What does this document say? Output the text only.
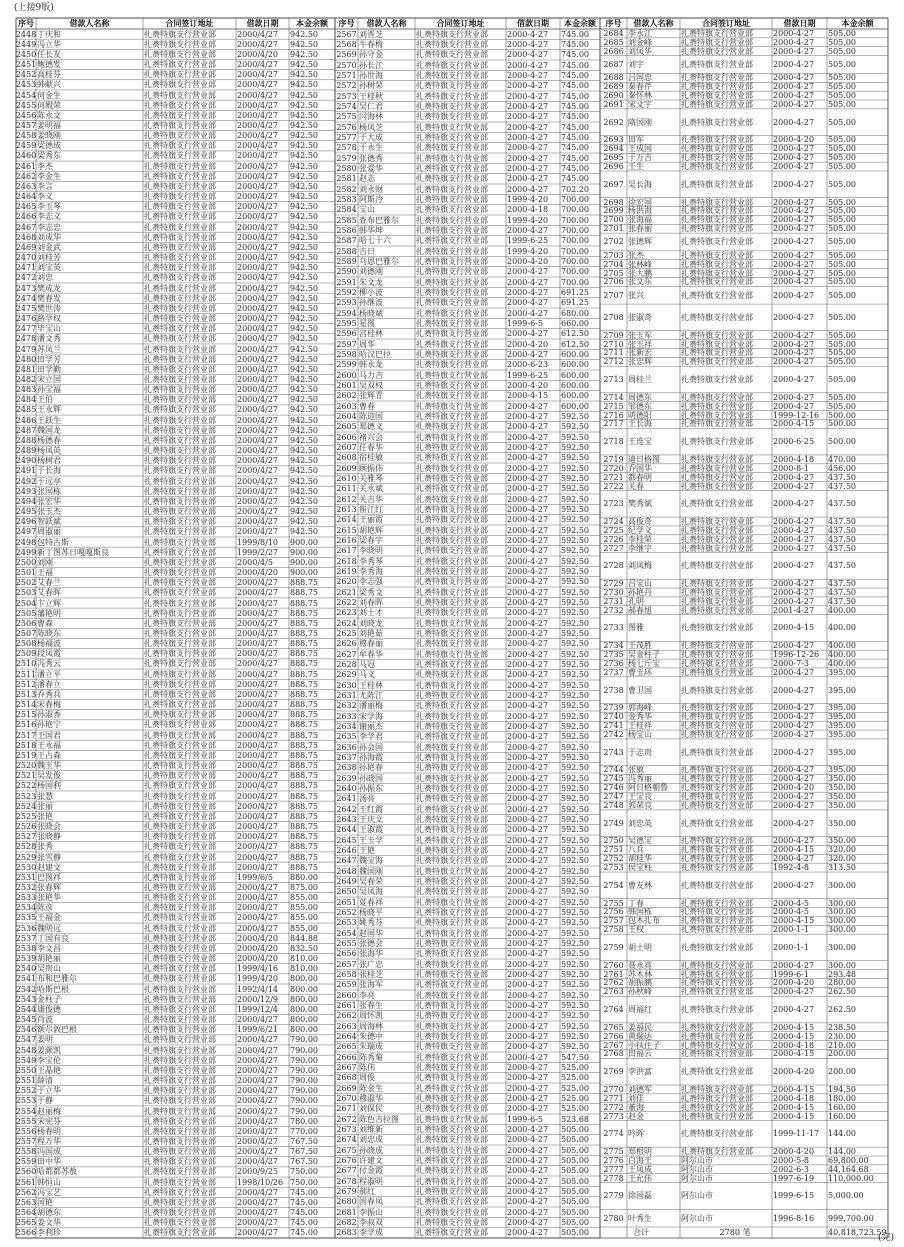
(上接9版)
序号	借款人名称	合同签订地址	借款日期	本金余额
2448 丁庆和	扎赉特旗支行营业部	2000/4/27	942.50
2449 冯立华	扎赉特旗支行营业部	2000/4/27	942.50
2450 任长友	扎赉特旗支行营业部	2000/4/20	942.50
2451 鲍德发	扎赉特旗支行营业部	2000/4/27	942.50
2452 高桂芬	扎赉特旗支行营业部	2000/4/27	942.50
2453 韩献兴	扎赉特旗支行营业部	2000/4/27	942.50
2454 何金生	扎赉特旗支行营业部	2000/4/27	942.50
2455 何殿荣	扎赉特旗支行营业部	2000/4/27	942.50
2456 陈永文	扎赉特旗支行营业部	2000/4/27	942.50
2457 姜明福	扎赉特旗支行营业部	2000/4/27	942.50
2458 姜晓刚	扎赉特旗支行营业部	2000/4/27	942.50
2459 梁德成	扎赉特旗支行营业部	2000/4/27	942.50
2460 梁秀东	扎赉特旗支行营业部	2000/4/27	942.50
2461 李杰	扎赉特旗支行营业部	2000/4/27	942.50
2462 李金生	扎赉特旗支行营业部	2000/4/27	942.50
2463 李言	扎赉特旗支行营业部	2000/4/27	942.50
2464 李义	扎赉特旗支行营业部	2000/4/27	942.50
2465 李玉琴	扎赉特旗支行营业部	2000/4/27	942.50
2466 李志义	扎赉特旗支行营业部	2000/4/27	942.50
2467 李志忠	扎赉特旗支行营业部	2000/4/27	942.50
2468 刘成华	扎赉特旗支行营业部	2000/4/27	942.50
2469 刘金武	扎赉特旗支行营业部	2000/4/27	942.50
2470 刘桂芳	扎赉特旗支行营业部	2000/4/27	942.50
2471 刘宝英	扎赉特旗支行营业部	2000/4/27	942.50
2472 刘忠	扎赉特旗支行营业部	2000/4/27	942.50
2473 樊成龙	扎赉特旗支行营业部	2000/4/27	942.50
2474 樊春发	扎赉特旗支行营业部	2000/4/27	942.50
2475 樊世涛	扎赉特旗支行营业部	2000/4/27	942.50
2476 路学权	扎赉特旗支行营业部	2000/4/27	942.50
2477 毕宝山	扎赉特旗支行营业部	2000/4/27	942.50
2478 潘文秀	扎赉特旗支行营业部	2000/4/27	942.50
2479 苏凤兰	扎赉特旗支行营业部	2000/4/27	942.50
2480 田学芳	扎赉特旗支行营业部	2000/4/27	942.50
2481 田学勤	扎赉特旗支行营业部	2000/4/27	942.50
2482 宋立国	扎赉特旗支行营业部	2000/4/27	942.50
2483 孙宝福	扎赉特旗支行营业部	2000/4/27	942.50
2484 王伯	扎赉特旗支行营业部	2000/4/27	942.50
2485 王永辉	扎赉特旗支行营业部	2000/4/27	942.50
2486 王跃生	扎赉特旗支行营业部	2000/4/27	942.50
2487 魏国龙	扎赉特旗支行营业部	2000/4/27	942.50
2488 杨德春	扎赉特旗支行营业部	2000/4/27	942.50
2489 杨凤英	扎赉特旗支行营业部	2000/4/27	942.50
2490 杨树君	扎赉特旗支行营业部	2000/4/27	942.50
2491 于长海	扎赉特旗支行营业部	2000/4/27	942.50
2492 于远亭	扎赉特旗支行营业部	2000/4/27	942.50
2493 张国栋	扎赉特旗支行营业部	2000/4/27	942.50
2494 张宏华	扎赉特旗支行营业部	2000/4/27	942.50
2495 张玉杰	扎赉特旗支行营业部	2000/4/27	942.50
2496 智跃斌	扎赉特旗支行营业部	2000/4/27	942.50
2497 周淑丽	扎赉特旗支行营业部	2000/4/27	942.50
2498 包特古斯	扎赉特旗支行营业部	1999/8/10	900.00
2499 新丁图苏日嘎嘎斯良	扎赉特旗支行营业部	1999/2/27	900.00
2500 刘刚	扎赉特旗支行营业部	2000/4/5	900.00
2501 王福	扎赉特旗支行营业部	2000/4/20	900.00
2502 艾春兰	扎赉特旗支行营业部	2000/4/27	888.75
2503 艾春晖	扎赉特旗支行营业部	2000/4/27	888.75
2504 卞立辉	扎赉特旗支行营业部	2000/4/27	888.75
2505 藩艳明	扎赉特旗支行营业部	2000/4/27	888.75
2506 曹森	扎赉特旗支行营业部	2000/4/27	888.75
2507 陈晓东	扎赉特旗支行营业部	2000/4/27	888.75
2508 杨福波	扎赉特旗支行营业部	2000/4/27	888.75
2509 段凤霞	扎赉特旗支行营业部	2000/4/27	888.75
2510 冯秀云	扎赉特旗支行营业部	2000/4/27	888.75
2511 潘立平	扎赉特旗支行营业部	2000/4/27	888.75
2512 潘春立	扎赉特旗支行营业部	2000/4/27	888.75
2513 乔秀兵	扎赉特旗支行营业部	2000/4/27	888.75
2514 宋春梅	扎赉特旗支行营业部	2000/4/27	888.75
2515 孙淑香	扎赉特旗支行营业部	2000/4/27	888.75
2516 孙艳宁	扎赉特旗支行营业部	2000/4/27	888.75
2517 王国君	扎赉特旗支行营业部	2000/4/27	888.75
2518 王永福	扎赉特旗支行营业部	2000/4/27	888.75
2519 王占森	扎赉特旗支行营业部	2000/4/27	888.75
2520 魏玉华	扎赉特旗支行营业部	2000/4/27	888.75
2521 吴发俊	扎赉特旗支行营业部	2000/4/27	888.75
2522 杨国利	扎赉特旗支行营业部	2000/4/27	888.75
2523 张慧	扎赉特旗支行营业部	2000/4/27	888.75
2524 张丽	扎赉特旗支行营业部	2000/4/27	888.75
2525 张艳	扎赉特旗支行营业部	2000/4/27	888.75
2526 张晓会	扎赉特旗支行营业部	2000/4/27	888.75
2527 张晓静	扎赉特旗支行营业部	2000/4/27	888.75
2528 张秀	扎赉特旗支行营业部	2000/4/27	888.75
2529 张雪静	扎赉特旗支行营业部	2000/4/27	888.75
2530 赵建文	扎赉特旗支行营业部	2000/4/27	888.75
2531 巴图祥	扎赉特旗支行营业部	1999/6/5	880.00
2532 张春辉	扎赉特旗支行营业部	2000/4/27	875.00
2533 张艳华	扎赉特旗支行营业部	2000/4/27	855.00
2534 陈彦	扎赉特旗支行营业部	2000/4/27	855.00
2535 王福金	扎赉特旗支行营业部	2000/4/27	855.00
2536 魏明远	扎赉特旗支行营业部	2000/4/27	855.00
2537 丁国有良	扎赉特旗支行营业部	2000/4/20	844.88
2538 李文昌	扎赉特旗支行营业部	2000/4/20	832.50
2539 胡艳丽	扎赉特旗支行营业部	2000/4/20	810.00
2540 吴贵山	扎赉特旗支行营业部	1999/4/16	810.00
2541 布和巴雅尔	扎赉特旗支行营业部	1999/4/20	800.00
2542 哈斯巴根	扎赉特旗支行营业部	1992/4/14	800.00
2543 金柱子	扎赉特旗支行营业部	2000/12/9	800.00
2544 康俊德	扎赉特旗支行营业部	1999/12/4	800.00
2545 肖波	扎赉特旗支行营业部	2000/4/27	800.00
2546 额尔敦巴根	扎赉特旗支行营业部	1999/6/21	800.00
2547 姜明	扎赉特旗支行营业部	2000/4/27	790.00
2548 姜颜凯	扎赉特旗支行营业部	2000/4/27	790.00
2549 李宝伦	扎赉特旗支行营业部	2000/4/27	790.00
2550 王晶艳	扎赉特旗支行营业部	2000/4/27	790.00
2551 薛清	扎赉特旗支行营业部	2000/4/27	790.00
2552 于立华	扎赉特旗支行营业部	2000/4/27	790.00
2553 于静	扎赉特旗支行营业部	2000/4/27	790.00
2554 赵丽梅	扎赉特旗支行营业部	2000/4/27	790.00
2555 宋宪芬	扎赉特旗支行营业部	2000/4/27	780.00
2556 杨春明	扎赉特旗支行营业部	2000/4/27	770.00
2557 程万华	扎赉特旗支行营业部	2000/4/27	767.50
2558 冯国成	扎赉特旗支行营业部	2000/4/27	767.50
2559 田中华	扎赉特旗支行营业部	2000/4/27	767.50
2560 哈都都苏敖	扎赉特旗支行营业部	2000/9/25	750.00
2561 韩恒山	扎赉特旗支行营业部	1998/10/26 750.00
2562 冯宝艺	扎赉特旗支行营业部	2000/4/27	745.00
2563 国艳	扎赉特旗支行营业部	2000/4/27	745.00
2564 胡德东	扎赉特旗支行营业部	2000/4/27	745.00
2565 姜文华	扎赉特旗支行营业部	2000/4/27	745.00
2566 李利珍	扎赉特旗支行营业部	2000/4/27	745.00
序号	借款人名称	合同签订地址	借款日期	本金余额
2567 刘晋芝	扎赉特旗支行营业部	2000-4-27	745.00
2568 牛春梅	扎赉特旗支行营业部	2000-4-27	745.00
2569 孙守金	扎赉特旗支行营业部	2000-4-27	745.00
2570 孙长江	扎赉特旗支行营业部	2000-4-27	745.00
2571 孙世海	扎赉特旗支行营业部	2000-4-27	745.00
2572 孙树荣	扎赉特旗支行营业部	2000-4-27	745.00
2573 王桂秋	扎赉特旗支行营业部	2000-4-27	745.00
2574 吴仁君	扎赉特旗支行营业部	2000-4-27	745.00
2575 闫海林	扎赉特旗支行营业部	2000-4-27	745.00
2576 杨凤芝	扎赉特旗支行营业部	2000-4-27	745.00
2577 于大成	扎赉特旗支行营业部	2000-4-27	745.00
2578 于永生	扎赉特旗支行营业部	2000-4-27	745.00
2579 张德秀	扎赉特旗支行营业部	2000-4-27	745.00
2580 张爱华	扎赉特旗支行营业部	2000-4-27	745.00
2581 赵志	扎赉特旗支行营业部	2000-4-27	745.00
2582 刘永财	扎赉特旗支行营业部	2000-4-27	702.20
2583 阿斯冷	扎赉特旗支行营业部	1999-4-20	700.00
2584 宝山	扎赉特旗支行营业部	2000-4-18	700.00
2585 查布巴雅尔	扎赉特旗支行营业部	1999-4-20	700.00
2586 韩华坤	扎赉特旗支行营业部	2000-4-27	700.00
2587 哈七十六	扎赉特旗支行营业部	1999-6-25	700.00
2588 吉日	扎赉特旗支行营业部	1999-4-20	700.00
2589 乌恩巴雅尔	扎赉特旗支行营业部	2000-4-20	700.00
2590 刘德刚	扎赉特旗支行营业部	2000-4-27	700.00
2591 朱文龙	扎赉特旗支行营业部	2000-4-27	700.00
2592 柳小波	扎赉特旗支行营业部	2000-4-27	691.25
2593 孙继波	扎赉特旗支行营业部	2000-4-27	691.25
2594 杨晓斌	扎赉特旗支行营业部	2000-4-27	680.00
2595 星图	扎赉特旗支行营业部	1999-6-5	660.00
2596 宫桂林	扎赉特旗支行营业部	2000-4-27	612.50
2597 周华	扎赉特旗支行营业部	2000-4-20	612.50
2598 哈汉巴拉	扎赉特旗支行营业部	2000-4-27	600.00
2599 韩永龙	扎赉特旗支行营业部	2000-6-23	600.00
2600 马力吉	扎赉特旗支行营业部	1999-6-25	600.00
2601 吴双权	扎赉特旗支行营业部	2000-4-20	600.00
2602 张辉青	扎赉特旗支行营业部	2000-4-15	600.00
2603 曹春	扎赉特旗支行营业部	2000-4-27	600.00
2604 陈迎国	扎赉特旗支行营业部	2000-4-27	592.50
2605 郑德义	扎赉特旗支行营业部	2000-4-27	592.50
2606 褚兴会	扎赉特旗支行营业部	2000-4-27	592.50
2607 任春华	扎赉特旗支行营业部	2000-4-27	592.50
2608 宿桂敏	扎赉特旗支行营业部	2000-4-27	592.50
2609 顾振伟	扎赉特旗支行营业部	2000-4-27	592.50
2610 关雅琴	扎赉特旗支行营业部	2000-4-27	592.50
2611 关永斌	扎赉特旗支行营业部	2000-4-27	592.50
2612 关吉华	扎赉特旗支行营业部	2000-4-27	592.50
2613 崔江红	扎赉特旗支行营业部	2000-4-27	592.50
2614 王丽霞	扎赉特旗支行营业部	2000-4-27	592.50
2615 胡艳辉	扎赉特旗支行营业部	2000-4-27	592.50
2616 梁春宇	扎赉特旗支行营业部	2000-4-27	592.50
2617 李晓明	扎赉特旗支行营业部	2000-4-27	592.50
2618 李秀琴	扎赉特旗支行营业部	2000-4-27	592.50
2619 李秀海	扎赉特旗支行营业部	2000-4-27	592.50
2620 李志强	扎赉特旗支行营业部	2000-4-27	592.50
2621 梁秀文	扎赉特旗支行营业部	2000-4-27	592.50
2622 刘春晖	扎赉特旗支行营业部	2000-4-27	592.50
2623 刘士才	扎赉特旗支行营业部	2000-4-27	592.50
2624 刘晓龙	扎赉特旗支行营业部	2000-4-27	592.50
2625 刘艳茹	扎赉特旗支行营业部	2000-4-27	592.50
2626 穆春丽	扎赉特旗支行营业部	2000-4-27	592.50
2627 牟春华	扎赉特旗支行营业部	2000-4-27	592.50
2628 马冠	扎赉特旗支行营业部	2000-4-27	592.50
2629 马义	扎赉特旗支行营业部	2000-4-27	592.50
2630 王桂林	扎赉特旗支行营业部	2000-4-27	592.50
2631 尤陈江	扎赉特旗支行营业部	2000-4-27	592.50
2632 潘丽梅	扎赉特旗支行营业部	2000-4-27	592.50
2633 宋学海	扎赉特旗支行营业部	2000-4-27	592.50
2634 谢丽杰	扎赉特旗支行营业部	2000-4-27	592.50
2635 李学君	扎赉特旗支行营业部	2000-4-27	592.50
2636 孙会国	扎赉特旗支行营业部	2000-4-27	592.50
2637 孙海霞	扎赉特旗支行营业部	2000-4-27	592.50
2638 孙艳春	扎赉特旗支行营业部	2000-4-27	592.50
2639 孙晓国	扎赉特旗支行营业部	2000-4-27	592.50
2640 孙振东	扎赉特旗支行营业部	2000-4-27	592.50
2641 汤亮	扎赉特旗支行营业部	2000-4-27	592.50
2642 王红霞	扎赉特旗支行营业部	2000-4-27	592.50
2643 王庆文	扎赉特旗支行营业部	2000-4-27	592.50
2644 王淑霞	扎赉特旗支行营业部	2000-4-27	592.50
2645 王玉学	扎赉特旗支行营业部	2000-4-27	592.50
2646 王艳	扎赉特旗支行营业部	2000-4-27	592.50
2647 魏宝海	扎赉特旗支行营业部	2000-4-27	592.50
2648 魏国刚	扎赉特旗支行营业部	2000-4-27	592.50
2649 吴春荣	扎赉特旗支行营业部	2000-4-27	592.50
2650 吴凤海	扎赉特旗支行营业部	2000-4-27	592.50
2651 夏春祥	扎赉特旗支行营业部	2000-4-27	592.50
2652 杨晓平	扎赉特旗支行营业部	2000-4-27	592.50
2653 姚秀芬	扎赉特旗支行营业部	2000-4-27	592.50
2654 赵国华	扎赉特旗支行营业部	2000-4-27	592.50
2655 张德会	扎赉特旗支行营业部	2000-4-27	592.50
2656 张海华	扎赉特旗支行营业部	2000-4-27	592.50
2657 张广忠	扎赉特旗支行营业部	2000-4-27	592.50
2658 张桂芝	扎赉特旗支行营业部	2000-4-27	592.50
2659 张海军	扎赉特旗支行营业部	2000-4-27	592.50
2660 李亮	扎赉特旗支行营业部	2000-4-27	592.50
2661 张春生	扎赉特旗支行营业部	2000-4-27	592.50
2662 周怀凯	扎赉特旗支行营业部	2000-4-27	592.50
2663 周海林	扎赉特旗支行营业部	2000-4-27	592.50
2664 朱德中	扎赉特旗支行营业部	2000-4-27	592.50
2665 朱瑞成	扎赉特旗支行营业部	2000-4-27	592.50
2666 陈秀菊	扎赉特旗支行营业部	2000-4-27	547.50
2667 陈伟	扎赉特旗支行营业部	2000-4-27	525.00
2668 周俊	扎赉特旗支行营业部	2000-4-27	525.00
2669 陈金生	扎赉特旗支行营业部	2000-4-27	525.00
2670 穆淑华	扎赉特旗支行营业部	2000-4-27	525.00
2671 刘保民	扎赉特旗支行营业部	2000-4-27	525.00
2672 陈色吉拉图	扎赉特旗支行营业部	1999-6-5	523.68
2673 刘维新	扎赉特旗支行营业部	2000-4-27	505.00
2674 刘忠成	扎赉特旗支行营业部	2000-4-27	505.00
2675 孙晓成	扎赉特旗支行营业部	2000-4-27	505.00
2676 许建文	扎赉特旗支行营业部	2000-4-27	505.00
2677 付金霞	扎赉特旗支行营业部	2000-4-27	505.00
2678 程淑明	扎赉特旗支行营业部	2000-4-27	505.00
2679 郝红	扎赉特旗支行营业部	2000-4-27	505.00
2680 国春凤	扎赉特旗支行营业部	2000-4-27	505.00
2681 李振山	扎赉特旗支行营业部	2000-4-27	505.00
2682 李叔双	扎赉特旗支行营业部	2000-4-27	505.00
2683 李学成	扎赉特旗支行营业部	2000-4-27	505.00
序号	借款人名称	合同签订地址	借款日期	本金余额
2684 李永江	扎赉特旗支行营业部	2000-4-27	505.00
2685 刘金峰	扎赉特旗支行营业部	2000-4-27	505.00
2686 刘凤华	扎赉特旗支行营业部	2000-4-27	505.00
2687 刘宇	扎赉特旗支行营业部	2000-4-27	505.00
2688 吕国忠	扎赉特旗支行营业部	2000-4-27	505.00
2689 秦春芹	扎赉特旗支行营业部	2000-4-27	505.00
2690 秦怀林	扎赉特旗支行营业部	2000-4-27	505.00
2691 宋文宇	扎赉特旗支行营业部	2000-4-27	505.00
2692 隋国刚	扎赉特旗支行营业部	2000-4-27	505.00
2693 田军	扎赉特旗支行营业部	2000-4-20	505.00
2694 王成国	扎赉特旗支行营业部	2000-4-27	505.00
2695 于万吉	扎赉特旗支行营业部	2000-4-27	505.00
2696 王生	扎赉特旗支行营业部	2000-4-27	505.00
2697 吴长海	扎赉特旗支行营业部	2000-4-27	505.00
2698 徐宏国	扎赉特旗支行营业部	2000-4-27	505.00
2699 杨洪海	扎赉特旗支行营业部	2000-4-27	505.00
2700 张海福	扎赉特旗支行营业部	2000-4-27	505.00
2701 张春丽	扎赉特旗支行营业部	2000-4-27	505.00
2702 张德辉	扎赉特旗支行营业部	2000-4-27	505.00
2703 张杰	扎赉特旗支行营业部	2000-4-27	505.00
2704 张林峰	扎赉特旗支行营业部	2000-4-27	505.00
2705 张大鹏	扎赉特旗支行营业部	2000-4-27	505.00
2706 张文东	扎赉特旗支行营业部	2000-4-27	505.00
2707 张兴	扎赉特旗支行营业部	2000-4-27	505.00
2708 张淑奇	扎赉特旗支行营业部	2000-4-27	505.00
2709 张玉军	扎赉特旗支行营业部	2000-4-27	505.00
2710 张玉祥	扎赉特旗支行营业部	2000-4-27	505.00
2711 张新宏	扎赉特旗支行营业部	2000-4-27	505.00
2712 张忠辉	扎赉特旗支行营业部	2000-4-27	505.00
2713 周桂兰	扎赉特旗支行营业部	2000-4-27	505.00
2714 周德东	扎赉特旗支行营业部	2000-4-27	505.00
2715 邹德东	扎赉特旗支行营业部	2000-4-27	505.00
2716 明德阳	扎赉特旗支行营业部	1999-12-16	500.00
2717 王长海	扎赉特旗支行营业部	2000-4-15	500.00
2718 王连宝	扎赉特旗支行营业部	2000-6-25	500.00
2719 迪日格图	扎赉特旗支行营业部	2000-4-18	470.00
2720 乔国华	扎赉特旗支行营业部	2000-8-1	456.00
2721 都春明	扎赉特旗支行营业部	2000-4-27	437.50
2722 关春	扎赉特旗支行营业部	2000-4-27	437.50
2723 樊秀斌	扎赉特旗支行营业部	2000-4-27	437.50
2724 高俊奇	扎赉特旗支行营业部	2000-4-27	437.50
2725 纪学义	扎赉特旗支行营业部	2000-4-27	437.50
2726 李桂荣	扎赉特旗支行营业部	2000-4-27	437.50
2727 李继宇	扎赉特旗支行营业部	2000-4-27	437.50
2728 刘凤梅	扎赉特旗支行营业部	2000-4-27	437.50
2729 吕宝山	扎赉特旗支行营业部	2000-4-27	437.50
2730 孙艳丹	扎赉特旗支行营业部	2000-4-27	437.50
2731 孔明	扎赉特旗支行营业部	2000-4-27	437.50
2732 郝春旭	扎赉特旗支行营业部	2001-4-27	400.00
2733 图雅	扎赉特旗支行营业部	2000-4-15	400.00
2734 王茂胜	扎赉特旗支行营业部	2000-4-27	400.00
2735 吴金柱子	扎赉特旗支行营业部	1996-12-26	400.00
2736 杨七斤宝	扎赉特旗支行营业部	2000-7-3	400.00
2737 曹玉环	扎赉特旗支行营业部	2000-4-27	395.00
2738 曹卫国	扎赉特旗支行营业部	2000-4-27	395.00
2739 郭海峰	扎赉特旗支行营业部	2000-4-27	395.00
2740 金秀华	扎赉特旗支行营业部	2000-4-27	395.00
2741 王桂祥	扎赉特旗支行营业部	2000-4-27	395.00
2742 杨宝山	扎赉特旗支行营业部	2000-4-27	395.00
2743 于志贵	扎赉特旗支行营业部	2000-4-27	395.00
2744 张敏	扎赉特旗支行营业部	2000-4-27	395.00
2745 冯秀丽	扎赉特旗支行营业部	2000-4-27	350.00
2746 阿日格朝鲁	扎赉特旗支行营业部	2000-4-20	350.00
2747 王宝良	扎赉特旗支行营业部	2000-4-27	350.00
2748 郭荣良	扎赉特旗支行营业部	2000-4-27	350.00
2749 刘忠英	扎赉特旗支行营业部	2000-4-27	350.00
2750 吴德宝	扎赉特旗支行营业部	2000-4-27	350.00
2751 八兵	扎赉特旗支行营业部	2000-4-15	320.00
2752 胡桂华	扎赉特旗支行营业部	2000-4-27	320.00
2753 侯宝柱	扎赉特旗支行营业部	1992-4-8	313.50
2754 曹友林	扎赉特旗支行营业部	2000-4-27	300.00
2755 丁春	扎赉特旗支行营业部	2000-4-5	300.00
2756 韩国栋	扎赉特旗支行营业部	2000-4-5	300.00
2757 包木扎布	扎赉特旗支行营业部	2000-4-15	300.00
2758 王权	扎赉特旗支行营业部	2000-1-1	300.00
2759 胡士明	扎赉特旗支行营业部	2000-1-1	300.00
2760 聂永亮	扎赉特旗支行营业部	2000-4-27	300.00
2761 苏木林	扎赉特旗支行营业部	1999-6-1	293.48
2762 胡振鹏	扎赉特旗支行营业部	2000-4-20	280.00
2763 孙秋峰	扎赉特旗支行营业部	2000-4-27	262.50
2764 周福红	扎赉特旗支行营业部	2000-4-27	262.50
2765 姜福民	扎赉特旗支行营业部	2000-4-15	238.50
2766 黄瑞达	扎赉特旗支行营业部	2000-4-15	230.00
2767 小扶住子	扎赉特旗支行营业部	2000-4-18	210.00
2768 田福云	扎赉特旗支行营业部	2000-4-15	200.00
2769 李洪富	扎赉特旗支行营业部	2000-4-20	200.00
2770 刘德军	扎赉特旗支行营业部	2000-4-15	194.50
2771 刘佳	扎赉特旗支行营业部	2000-4-18	180.00
2772 董海	扎赉特旗支行营业部	2000-4-15	160.00
2773 赵金	扎赉特旗支行营业部	2000-4-15	160.00
2774 吟晖	扎赉特旗支行营业部	1999-11-17	144.00
2775 郑根明	扎赉特旗支行营业部	2000-4-20	144.00
2776 白海王	阿尔山市	2000-5-8	69,800.00
2777 王凤成	阿尔山市	2002-6-3	44,164.68
2778 王允伟	阿尔山市	1997-6-19	110,000.00
2779 徐国磊	阿尔山市	1999-6-15	5,000.00
2780 叶秀生	阿尔山市	1996-8-16	999,700.00
合计	2780 笔	40,818,723.59
(完)
